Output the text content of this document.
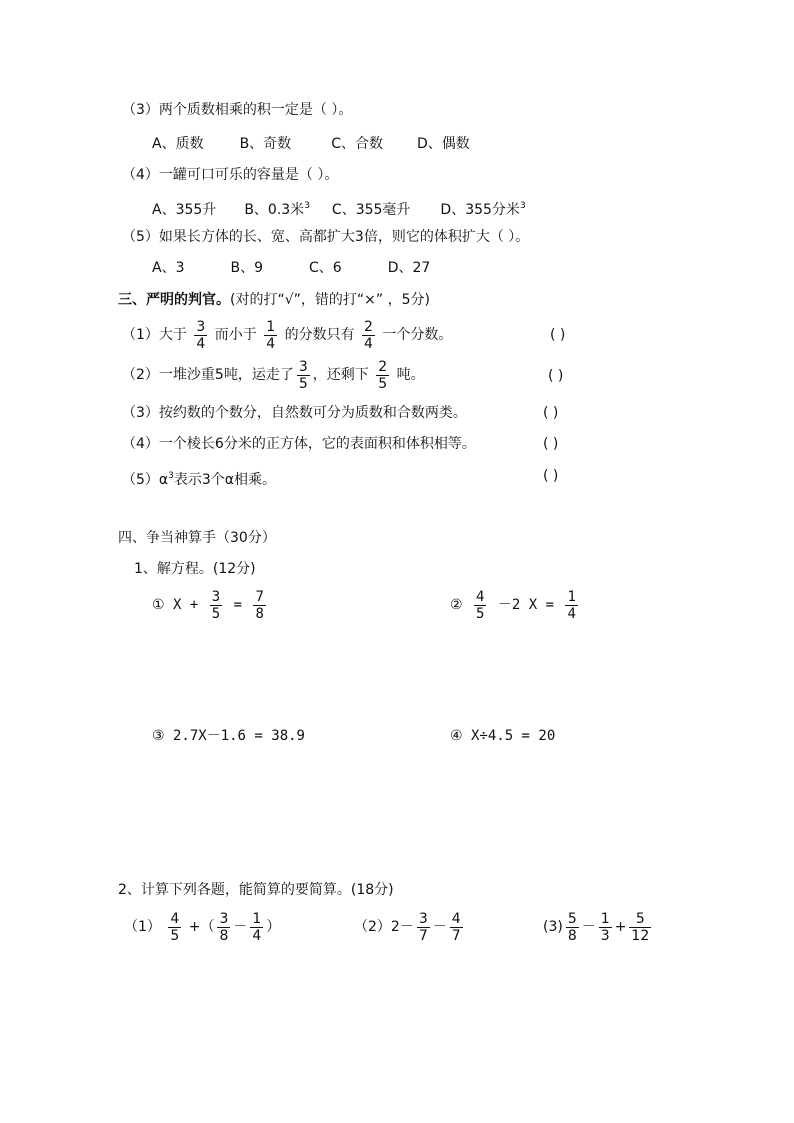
（3）两个质数相乘的积一定是（ ）。
A、质数	B、奇数	C、合数 D、偶数
（4）一罐可口可乐的容量是（ ）。
A、355升 B、0.3米$^3$ C、355毫升 D、355分米$^3$
（5）如果长方体的长、宽、高都扩大3倍，则它的体积扩大（ ）。
A、3	B、9	C、6	D、27
三、严明的判官。(对的打“√”，错的打“×” ，5分)
（1）大于 $\frac{3}{4}$ 而小于 $\frac{1}{4}$ 的分数只有 $\frac{2}{4}$ 一个分数。	( )
（2）一堆沙重5吨，运走了 $\frac{3}{5}$ ，还剩下 $\frac{2}{5}$ 吨。	( )
（3）按约数的个数分，自然数可分为质数和合数两类。	( )
（4）一个棱长6分米的正方体，它的表面积和体积相等。	( )
$(5)\alpha^3$表示3个α相乘。	( )
四、争当神算手（30分）
1、解方程。(12分)
① $X + \frac{3}{5} = \frac{7}{8}$	② $\frac{4}{5} -2$ $X = \frac{1}{4}$
③ 2.7X－1.6 = 38.9	④ X÷4.5 = 20
2、计算下列各题，能简算的要简算。(18分)
$(1) \frac{4}{5}$ +（ $\frac{3}{8} - \frac{1}{4}$ ）	$(2)2- \frac{3}{7} - \frac{4}{7}$	$(3) \frac{5}{8} - \frac{1}{3} + \frac{5}{12}$
